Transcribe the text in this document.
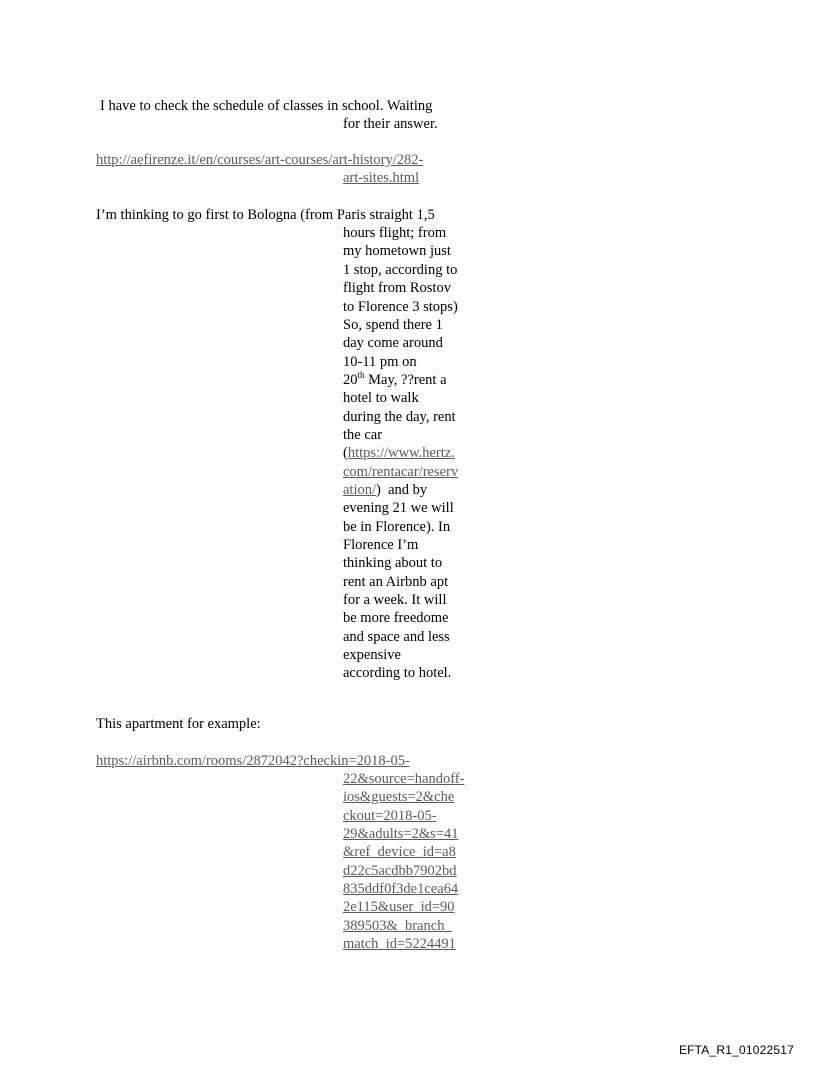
I have to check the schedule of classes in school. Waiting
for their answer.
http://aefirenze.it/en/courses/art-courses/art-history/282-
art-sites.html
I’m thinking to go first to Bologna (from Paris straight 1,5
hours flight; from
my hometown just
1 stop, according to
flight from Rostov
to Florence 3 stops)
So, spend there 1
day come around
10-11 pm on
20th May, ??rent a
hotel to walk
during the day, rent
the car
(https://www.hertz.
com/rentacar/reserv
ation/)  and by
evening 21 we will
be in Florence). In
Florence I’m
thinking about to
rent an Airbnb apt
for a week. It will
be more freedome
and space and less
expensive
according to hotel.
This apartment for example:
https://airbnb.com/rooms/2872042?checkin=2018-05-
22&source=handoff-
ios&guests=2&che
ckout=2018-05-
29&adults=2&s=41
&ref_device_id=a8
d22c5acdbb7902bd
835ddf0f3de1cea64
2e115&user_id=90
389503&_branch_
match_id=5224491
EFTA_R1_01022517
